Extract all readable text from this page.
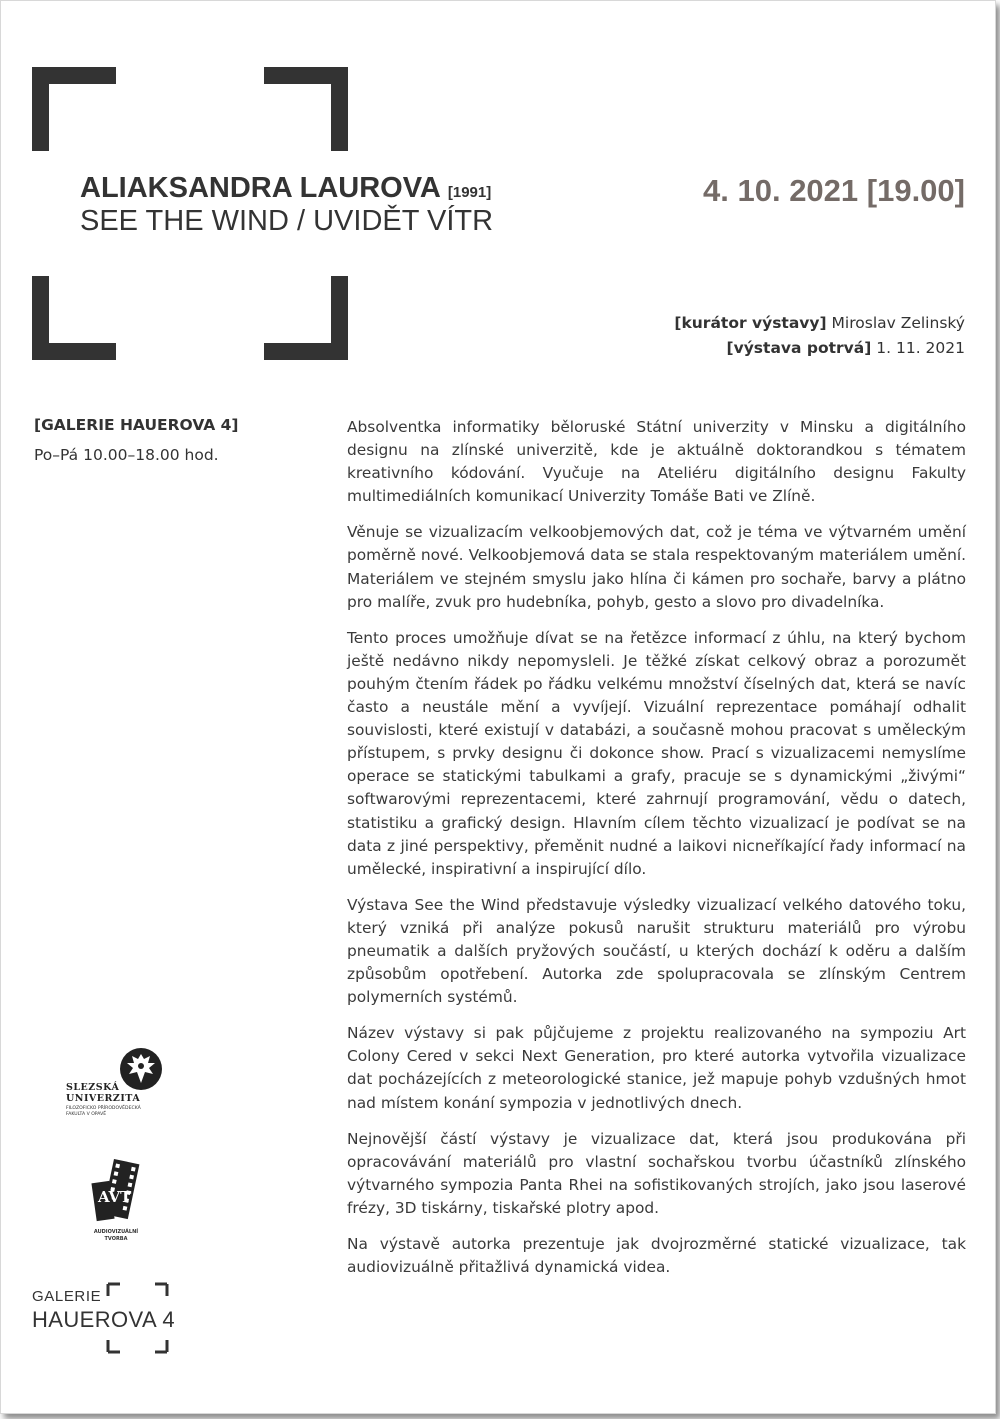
ALIAKSANDRA LAUROVA [1991]
SEE THE WIND / UVIDĚT VÍTR
4. 10. 2021 [19.00]
[kurátor výstavy] Miroslav Zelinský
[výstava potrvá] 1. 11. 2021
[GALERIE HAUEROVA 4]
Po–Pá 10.00–18.00 hod.

Absolventka informatiky běloruské Státní univerzity v Minsku a digitálního designu na zlínské univerzitě, kde je aktuálně doktorandkou s tématem kreativního kódování. Vyučuje na Ateliéru digitálního designu Fakulty multimediálních komunikací Univerzity Tomáše Bati ve Zlíně.

Věnuje se vizualizacím velkoobjemových dat, což je téma ve výtvarném umění poměrně nové. Velkoobjemová data se stala respektovaným materiálem umění. Materiálem ve stejném smyslu jako hlína či kámen pro sochaře, barvy a plátno pro malíře, zvuk pro hudebníka, pohyb, gesto a slovo pro divadelníka.

Tento proces umožňuje dívat se na řetězce informací z úhlu, na který bychom ještě nedávno nikdy nepomysleli. Je těžké získat celkový obraz a porozumět pouhým čtením řádek po řádku velkému množství číselných dat, která se navíc často a neustále mění a vyvíjejí. Vizuální reprezentace pomáhají odhalit souvislosti, které existují v databázi, a současně mohou pracovat s uměleckým přístupem, s prvky designu či dokonce show. Prací s vizualizacemi nemyslíme operace se statickými tabulkami a grafy, pracuje se s dynamickými „živými“ softwarovými reprezentacemi, které zahrnují programování, vědu o datech, statistiku a grafický design. Hlavním cílem těchto vizualizací je podívat se na data z jiné perspektivy, přeměnit nudné a laikovi nicneříkající řady informací na umělecké, inspirativní a inspirující dílo.

Výstava See the Wind představuje výsledky vizualizací velkého datového toku, který vzniká při analýze pokusů narušit strukturu materiálů pro výrobu pneumatik a dalších pryžových součástí, u kterých dochází k oděru a dalším způsobům opotřebení. Autorka zde spolupracovala se zlínským Centrem polymerních systémů.

Název výstavy si pak půjčujeme z projektu realizovaného na sympoziu Art Colony Cered v sekci Next Generation, pro které autorka vytvořila vizualizace dat pocházejících z meteorologické stanice, jež mapuje pohyb vzdušných hmot nad místem konání sympozia v jednotlivých dnech.

Nejnovější částí výstavy je vizualizace dat, která jsou produkována při opracovávání materiálů pro vlastní sochařskou tvorbu účastníků zlínského výtvarného sympozia Panta Rhei na sofistikovaných strojích, jako jsou laserové frézy, 3D tiskárny, tiskařské plotry apod.

Na výstavě autorka prezentuje jak dvojrozměrné statické vizualizace, tak audiovizuálně přitažlivá dynamická videa.

SLEZSKÁ
UNIVERZITA
FILOZOFICKO PŘÍRODOVĚDECKÁ FAKULTA V OPAVĚ
AVT
AUDIOVIZUÁLNÍ TVORBA
GALERIE
HAUEROVA 4
